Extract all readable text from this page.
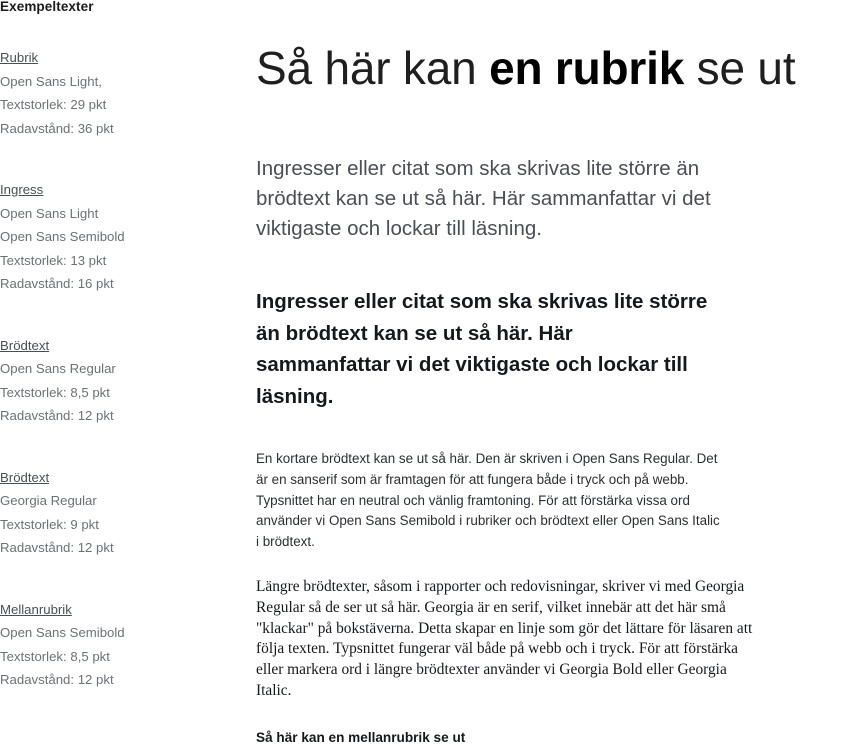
Exempeltexter
Rubrik
Open Sans Light,
Textstorlek: 29 pkt
Radavstånd: 36 pkt
Ingress
Open Sans Light
Open Sans Semibold
Textstorlek: 13 pkt
Radavstånd: 16 pkt
Brödtext
Open Sans Regular
Textstorlek: 8,5 pkt
Radavstånd: 12 pkt
Brödtext
Georgia Regular
Textstorlek: 9 pkt
Radavstånd: 12 pkt
Mellanrubrik
Open Sans Semibold
Textstorlek: 8,5 pkt
Radavstånd: 12 pkt
Så här kan en rubrik se ut

Ingresser eller citat som ska skrivas lite större än brödtext kan se ut så här. Här sammanfattar vi det viktigaste och lockar till läsning.

Ingresser eller citat som ska skrivas lite större än brödtext kan se ut så här. Här sammanfattar vi det viktigaste och lockar till läsning.

En kortare brödtext kan se ut så här. Den är skriven i Open Sans Regular. Det är en sanserif som är framtagen för att fungera både i tryck och på webb. Typsnittet har en neutral och vänlig framtoning. För att förstärka vissa ord använder vi Open Sans Semibold i rubriker och brödtext eller Open Sans Italic i brödtext.

Längre brödtexter, såsom i rapporter och redovisningar, skriver vi med Georgia Regular så de ser ut så här. Georgia är en serif, vilket innebär att det här små "klackar" på bokstäverna. Detta skapar en linje som gör det lättare för läsaren att följa texten. Typsnittet fungerar väl både på webb och i tryck. För att förstärka eller markera ord i längre brödtexter använder vi Georgia Bold eller Georgia Italic.

Så här kan en mellanrubrik se ut
